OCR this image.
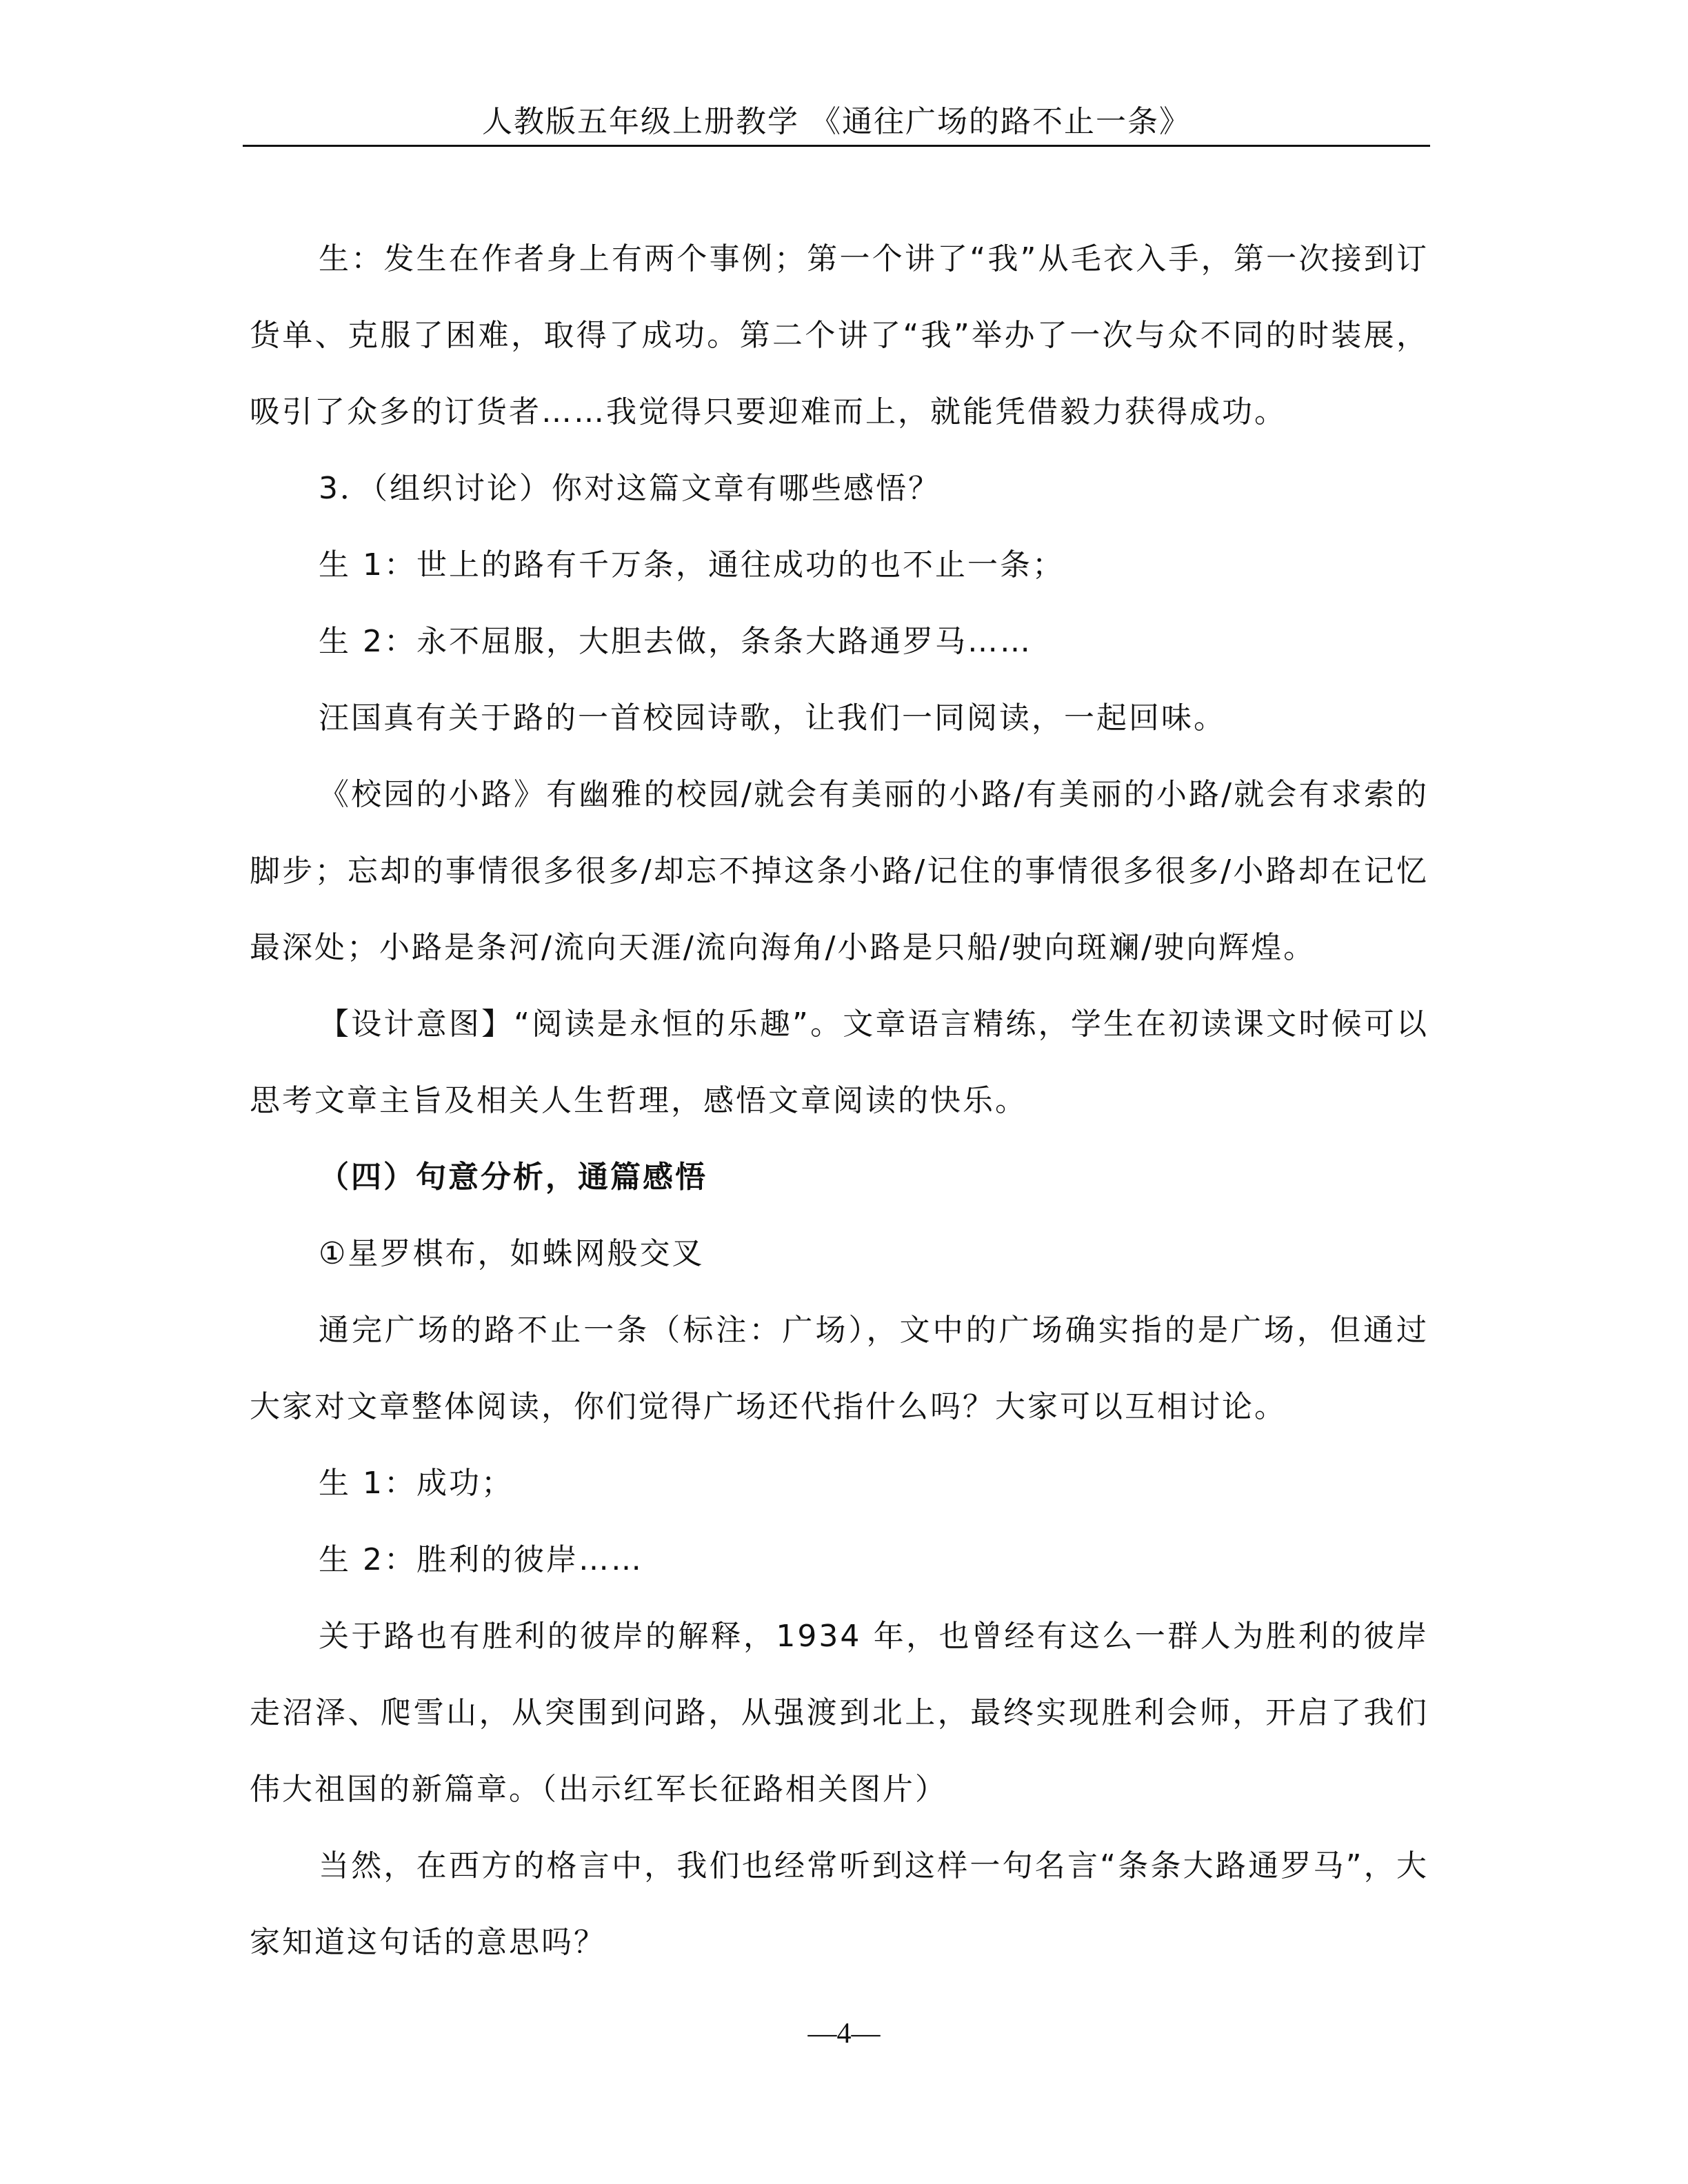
人教版五年级上册教学 《通往广场的路不止一条》

生：发生在作者身上有两个事例；第一个讲了“我”从毛衣入手，第一次接到订货单、克服了困难，取得了成功。第二个讲了“我”举办了一次与众不同的时装展，吸引了众多的订货者……我觉得只要迎难而上，就能凭借毅力获得成功。

3．（组织讨论）你对这篇文章有哪些感悟？

生 1：世上的路有千万条，通往成功的也不止一条；

生 2：永不屈服，大胆去做，条条大路通罗马……

汪国真有关于路的一首校园诗歌，让我们一同阅读，一起回味。

《校园的小路》有幽雅的校园/就会有美丽的小路/有美丽的小路/就会有求索的脚步；忘却的事情很多很多/却忘不掉这条小路/记住的事情很多很多/小路却在记忆最深处；小路是条河/流向天涯/流向海角/小路是只船/驶向斑斓/驶向辉煌。

【设计意图】“阅读是永恒的乐趣”。文章语言精练，学生在初读课文时候可以思考文章主旨及相关人生哲理，感悟文章阅读的快乐。

（四）句意分析，通篇感悟

①星罗棋布，如蛛网般交叉

通完广场的路不止一条（标注：广场），文中的广场确实指的是广场，但通过大家对文章整体阅读，你们觉得广场还代指什么吗？大家可以互相讨论。

生 1：成功；

生 2：胜利的彼岸……

关于路也有胜利的彼岸的解释，1934 年，也曾经有这么一群人为胜利的彼岸走沼泽、爬雪山，从突围到问路，从强渡到北上，最终实现胜利会师，开启了我们伟大祖国的新篇章。（出示红军长征路相关图片）

当然，在西方的格言中，我们也经常听到这样一句名言“条条大路通罗马”，大家知道这句话的意思吗？

—4—
